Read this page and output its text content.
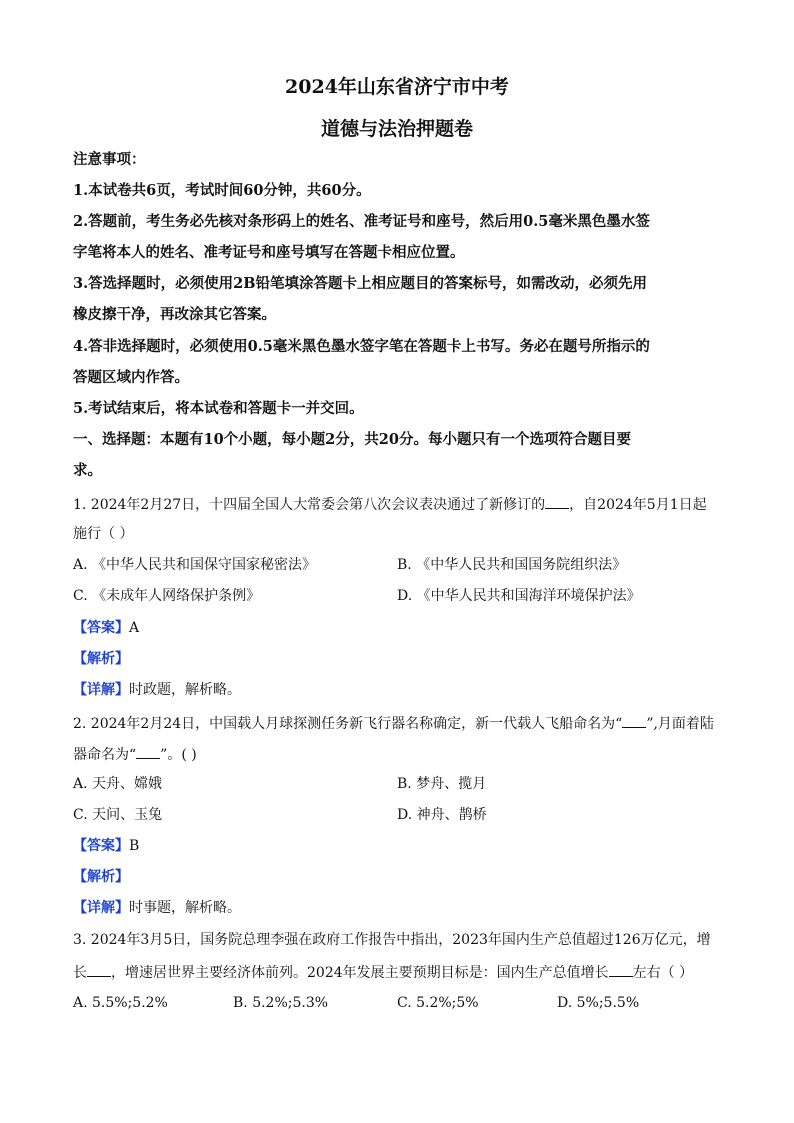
2024年山东省济宁市中考
道德与法治押题卷
注意事项：
1.本试卷共6页，考试时间60分钟，共60分。
2.答题前，考生务必先核对条形码上的姓名、准考证号和座号，然后用0.5毫米黑色墨水签
字笔将本人的姓名、准考证号和座号填写在答题卡相应位置。
3.答选择题时，必须使用2B铅笔填涂答题卡上相应题目的答案标号，如需改动，必须先用
橡皮擦干净，再改涂其它答案。
4.答非选择题时，必须使用0.5毫米黑色墨水签字笔在答题卡上书写。务必在题号所指示的
答题区域内作答。
5.考试结束后，将本试卷和答题卡一并交回。
一、选择题：本题有10个小题，每小题2分，共20分。每小题只有一个选项符合题目要
求。
1. 2024年2月27日，十四届全国人大常委会第八次会议表决通过了新修订的 ，自2024年5月1日起
施行（ ）
A. 《中华人民共和国保守国家秘密法》	B. 《中华人民共和国国务院组织法》
C. 《未成年人网络保护条例》	D. 《中华人民共和国海洋环境保护法》
【答案】A
【解析】
【详解】时政题，解析略。
2. 2024年2月24日，中国载人月球探测任务新飞行器名称确定，新一代载人飞船命名为“ ”,月面着陆
器命名为“ ”。( )
A. 天舟、嫦娥	B. 梦舟、揽月
C. 天问、玉兔	D. 神舟、鹊桥
【答案】B
【解析】
【详解】时事题，解析略。
3. 2024年3月5日，国务院总理李强在政府工作报告中指出，2023年国内生产总值超过126万亿元，增
长 ，增速居世界主要经济体前列。2024年发展主要预期目标是：国内生产总值增长 左右（ ）
A. 5.5%;5.2%	B. 5.2%;5.3%	C. 5.2%;5%	D. 5%;5.5%
